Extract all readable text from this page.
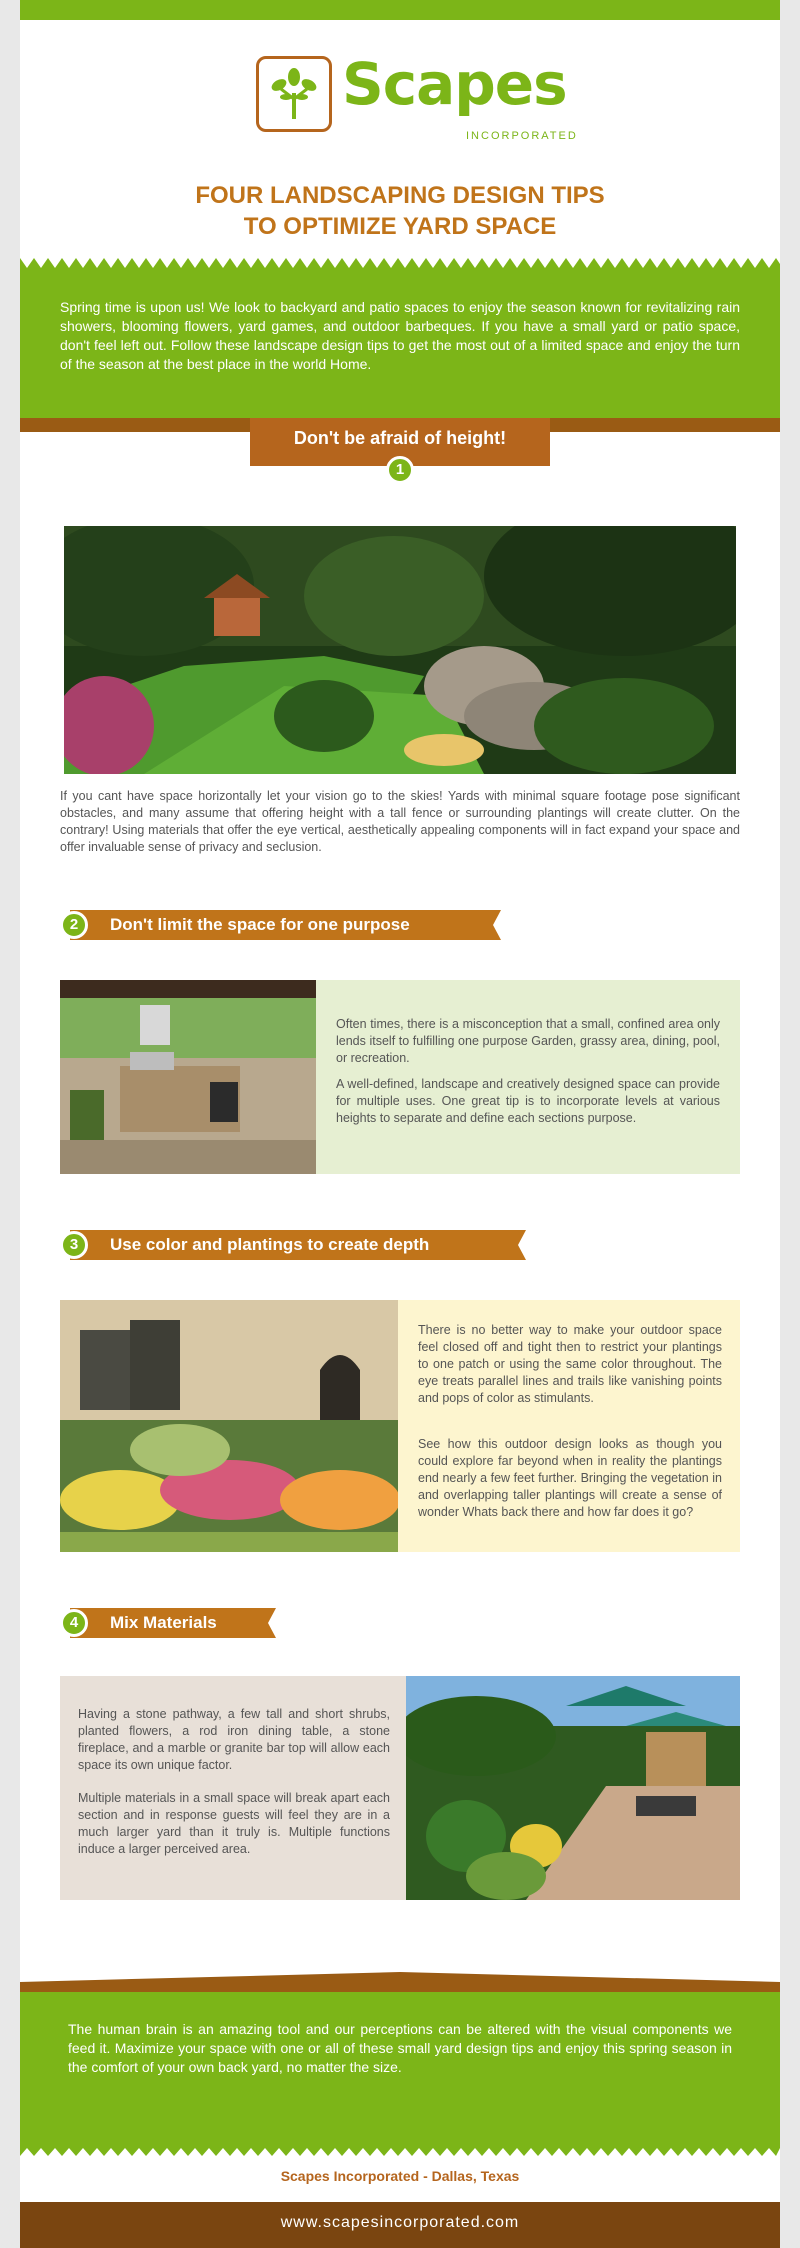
Scapes
INCORPORATED
FOUR LANDSCAPING DESIGN TIPS
TO OPTIMIZE YARD SPACE
Spring time is upon us! We look to backyard and patio spaces to enjoy the season known for revitalizing rain showers, blooming flowers, yard games, and outdoor barbeques. If you have a small yard or patio space, don't feel left out. Follow these landscape design tips to get the most out of a limited space and enjoy the turn of the season at the best place in the world Home.
Don't be afraid of height!
1
If you cant have space horizontally let your vision go to the skies! Yards with minimal square footage pose significant obstacles, and many assume that offering height with a tall fence or surrounding plantings will create clutter. On the contrary! Using materials that offer the eye vertical, aesthetically appealing components will in fact expand your space and offer invaluable sense of privacy and seclusion.
Don't limit the space for one purpose
2
Often times, there is a misconception that a small, confined area only lends itself to fulfilling one purpose Garden, grassy area, dining, pool, or recreation.
A well-defined, landscape and creatively designed space can provide for multiple uses. One great tip is to incorporate levels at various heights to separate and define each sections purpose.
Use color and plantings to create depth
3
There is no better way to make your outdoor space feel closed off and tight then to restrict your plantings to one patch or using the same color throughout. The eye treats parallel lines and trails like vanishing points and pops of color as stimulants.
See how this outdoor design looks as though you could explore far beyond when in reality the plantings end nearly a few feet further. Bringing the vegetation in and overlapping taller plantings will create a sense of wonder Whats back there and how far does it go?
Mix Materials
4
Having a stone pathway, a few tall and short shrubs, planted flowers, a rod iron dining table, a stone fireplace, and a marble or granite bar top will allow each space its own unique factor.
Multiple materials in a small space will break apart each section and in response guests will feel they are in a much larger yard than it truly is. Multiple functions induce a larger perceived area.
The human brain is an amazing tool and our perceptions can be altered with the visual components we feed it. Maximize your space with one or all of these small yard design tips and enjoy this spring season in the comfort of your own back yard, no matter the size.
Scapes Incorporated - Dallas, Texas
www.scapesincorporated.com
